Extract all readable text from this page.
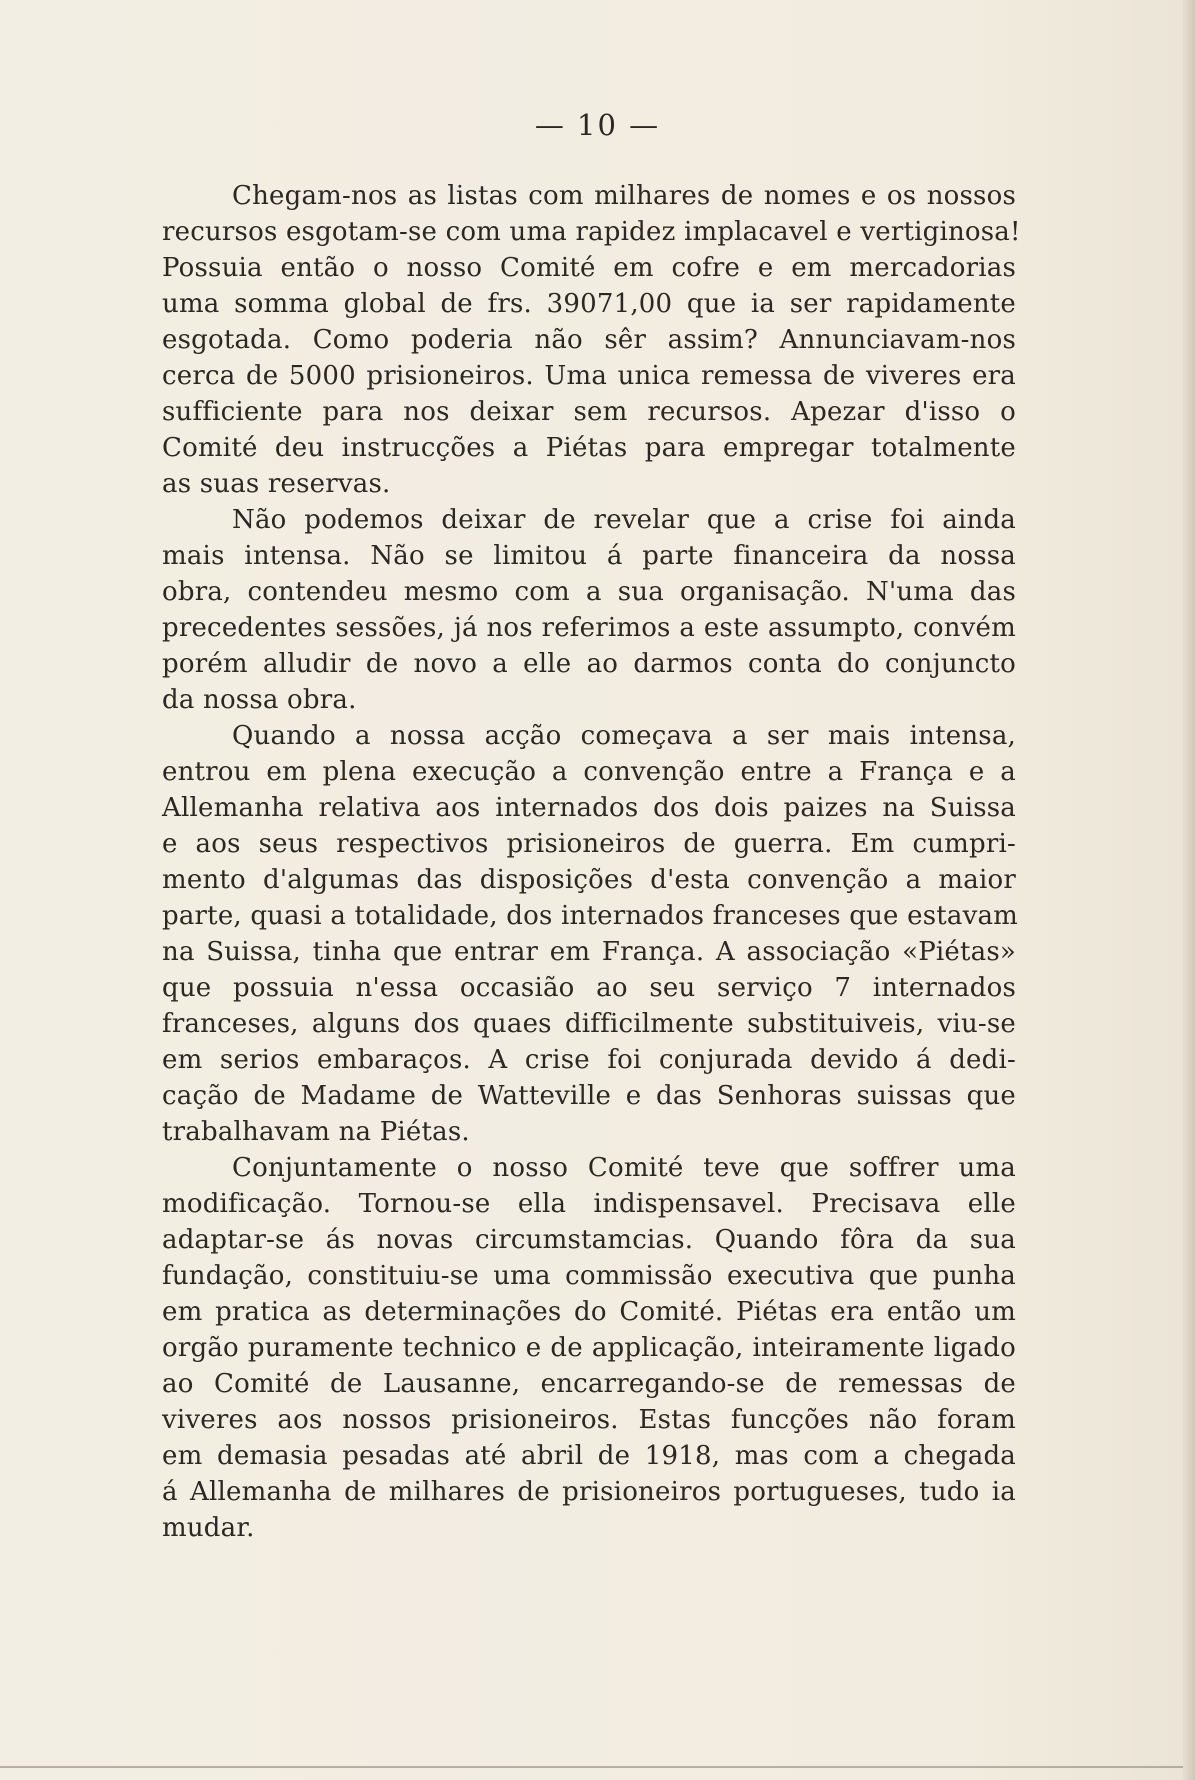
— 10 —
Chegam-nos as listas com milhares de nomes e os nossos
recursos esgotam-se com uma rapidez implacavel e vertiginosa!
Possuia então o nosso Comité em cofre e em mercadorias
uma somma global de frs. 39071,00 que ia ser rapidamente
esgotada. Como poderia não sêr assim? Annunciavam-nos
cerca de 5000 prisioneiros. Uma unica remessa de viveres era
sufficiente para nos deixar sem recursos. Apezar d'isso o
Comité deu instrucções a Piétas para empregar totalmente
as suas reservas.
Não podemos deixar de revelar que a crise foi ainda
mais intensa. Não se limitou á parte financeira da nossa
obra, contendeu mesmo com a sua organisação. N'uma das
precedentes sessões, já nos referimos a este assumpto, convém
porém alludir de novo a elle ao darmos conta do conjuncto
da nossa obra.
Quando a nossa acção começava a ser mais intensa,
entrou em plena execução a convenção entre a França e a
Allemanha relativa aos internados dos dois paizes na Suissa
e aos seus respectivos prisioneiros de guerra. Em cumpri-
mento d'algumas das disposições d'esta convenção a maior
parte, quasi a totalidade, dos internados franceses que estavam
na Suissa, tinha que entrar em França. A associação «Piétas»
que possuia n'essa occasião ao seu serviço 7 internados
franceses, alguns dos quaes difficilmente substituiveis, viu-se
em serios embaraços. A crise foi conjurada devido á dedi-
cação de Madame de Watteville e das Senhoras suissas que
trabalhavam na Piétas.
Conjuntamente o nosso Comité teve que soffrer uma
modificação. Tornou-se ella indispensavel. Precisava elle
adaptar-se ás novas circumstamcias. Quando fôra da sua
fundação, constituiu-se uma commissão executiva que punha
em pratica as determinações do Comité. Piétas era então um
orgão puramente technico e de applicação, inteiramente ligado
ao Comité de Lausanne, encarregando-se de remessas de
viveres aos nossos prisioneiros. Estas funcções não foram
em demasia pesadas até abril de 1918, mas com a chegada
á Allemanha de milhares de prisioneiros portugueses, tudo ia
mudar.
